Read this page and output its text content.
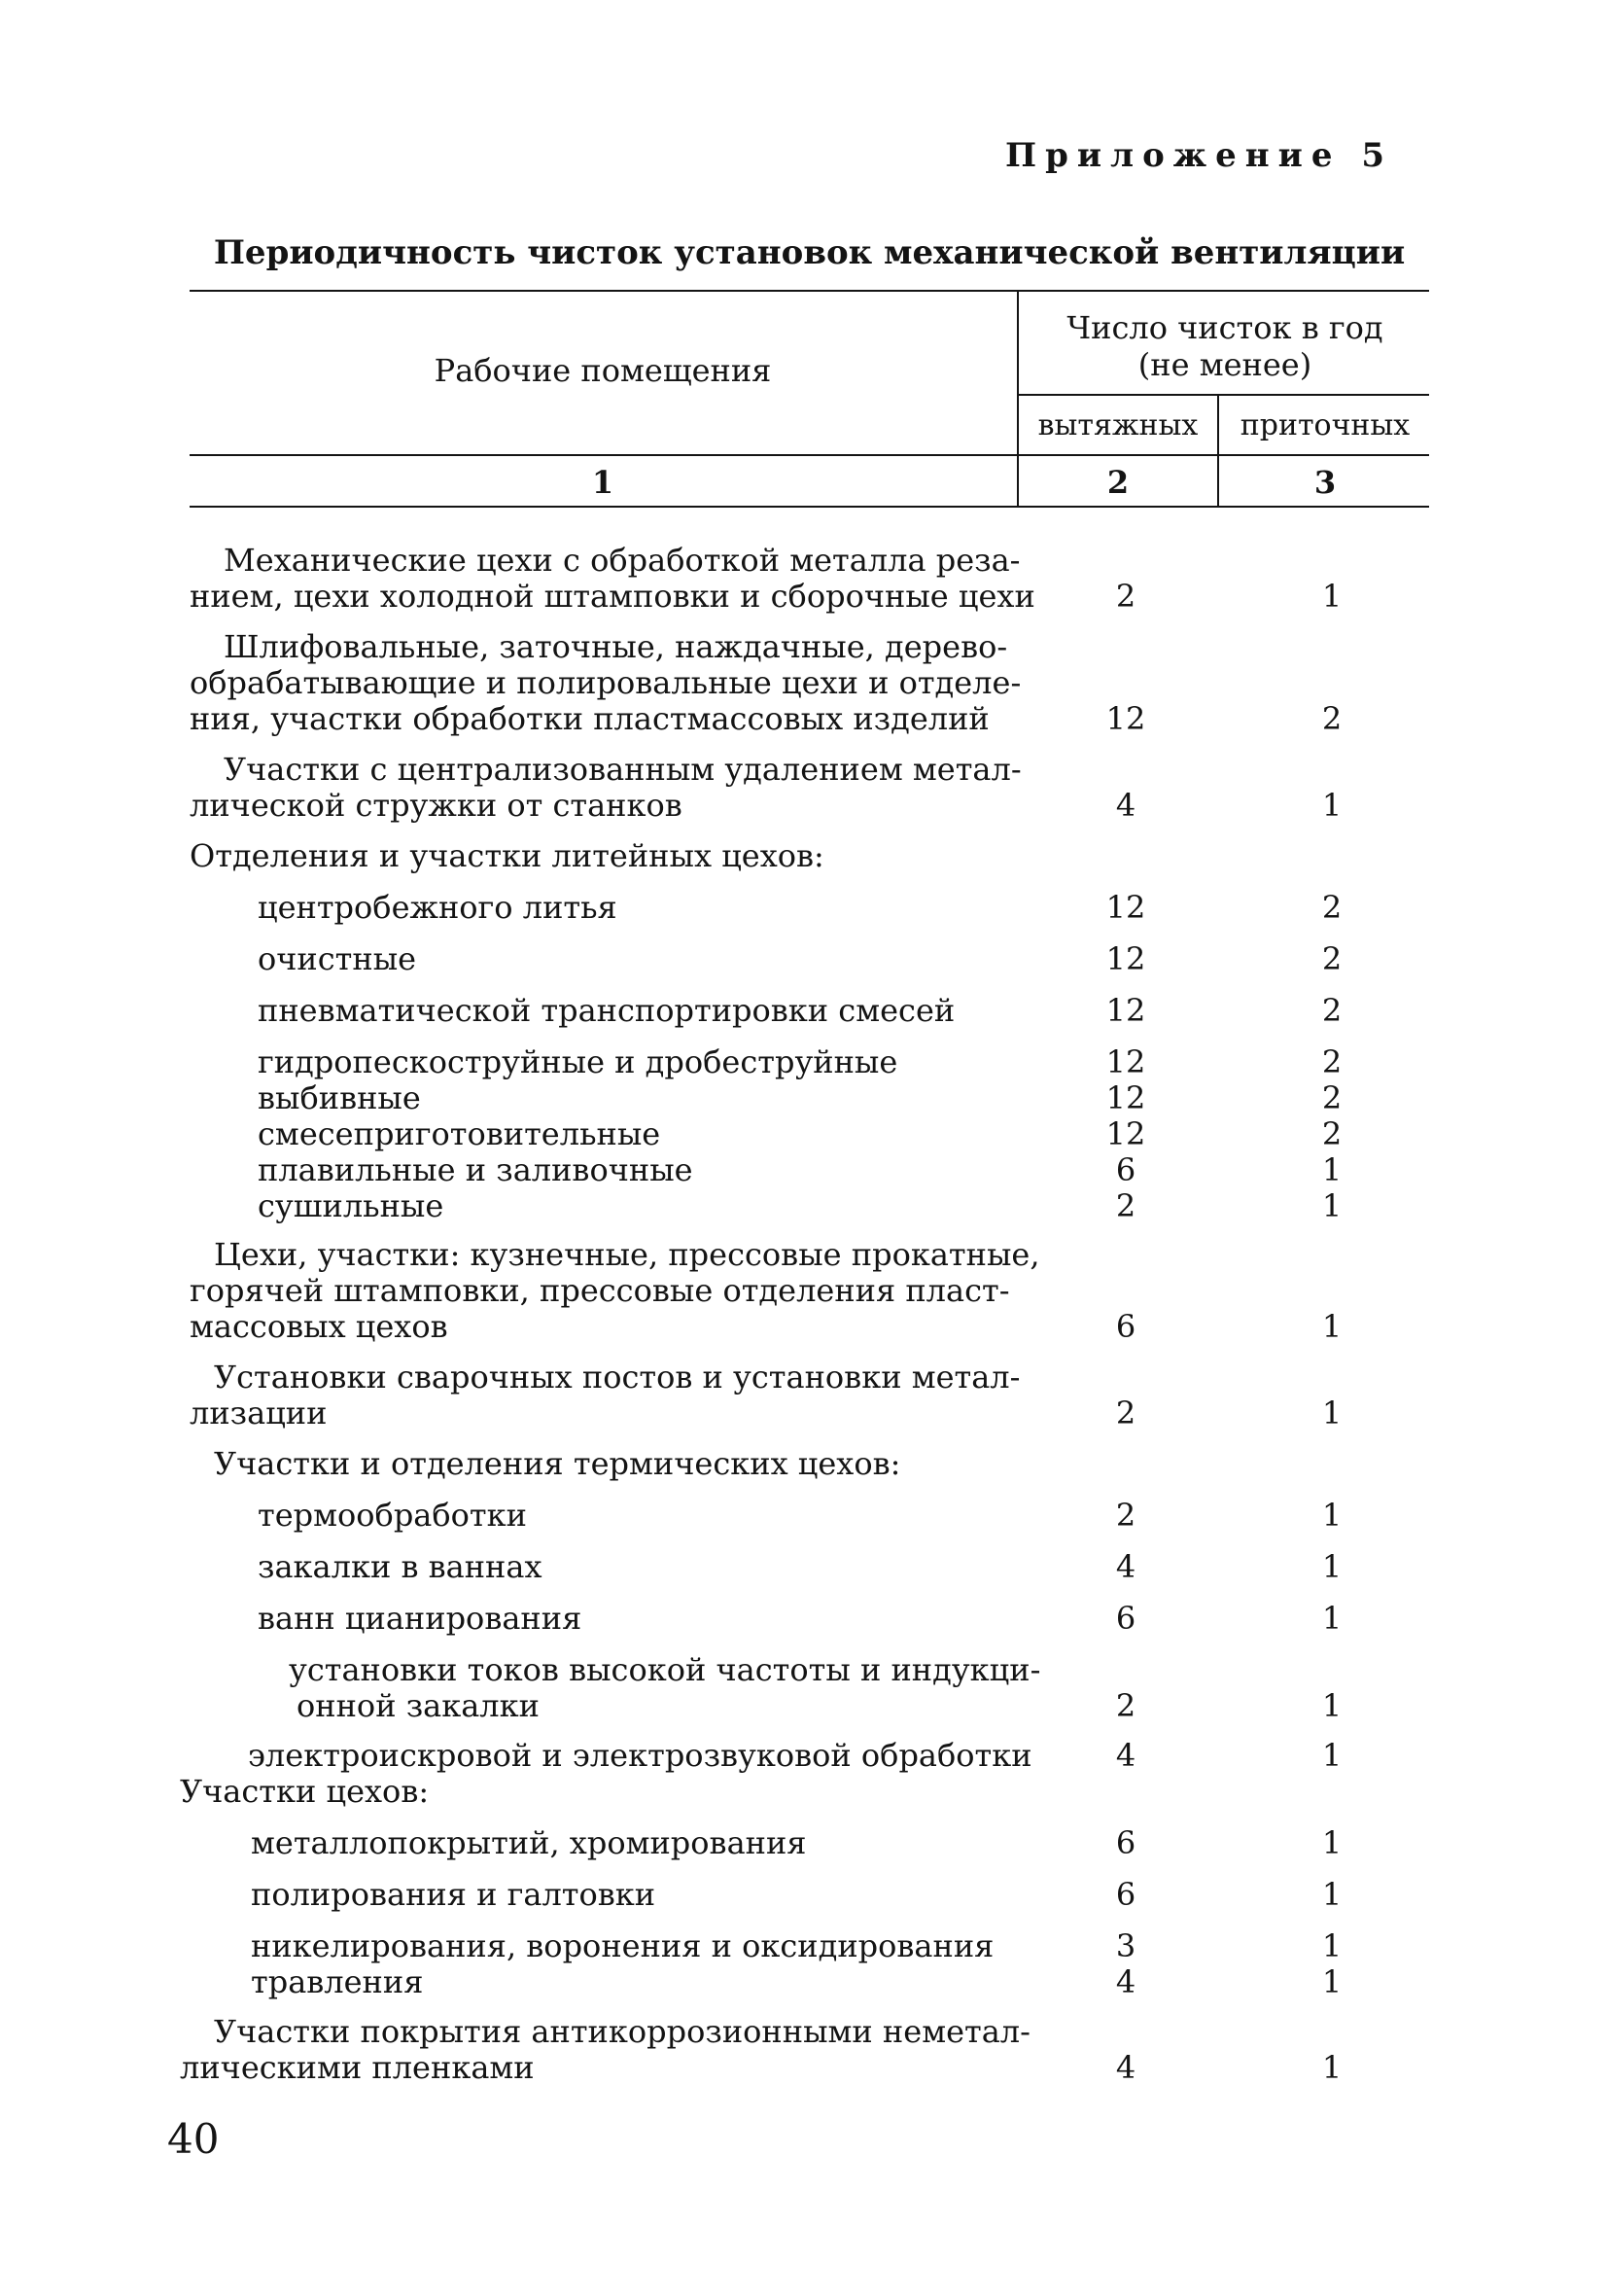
Приложение 5
Периодичность чисток установок механической вентиляции
Рабочие помещения
Число чисток в год
(не менее)
вытяжных	приточных
1	2	3
Механические цехи с обработкой металла реза-
нием, цехи холодной штамповки и сборочные цехи	2	1
Шлифовальные, заточные, наждачные, дерево-
обрабатывающие и полировальные цехи и отделе-
ния, участки обработки пластмассовых изделий	12	2
Участки с централизованным удалением метал-
лической стружки от станков	4	1
Отделения и участки литейных цехов:
центробежного литья	12	2
очистные	12	2
пневматической транспортировки смесей	12	2
гидропескоструйные и дробеструйные	12	2
выбивные	12	2
смесеприготовительные	12	2
плавильные и заливочные	6	1
сушильные	2	1
Цехи, участки: кузнечные, прессовые прокатные,
горячей штамповки, прессовые отделения пласт-
массовых цехов	6	1
Установки сварочных постов и установки метал-
лизации	2	1
Участки и отделения термических цехов:
термообработки	2	1
закалки в ваннах	4	1
ванн цианирования	6	1
установки токов высокой частоты и индукци-
онной закалки	2	1
электроискровой и электрозвуковой обработки	4	1
Участки цехов:
металлопокрытий, хромирования	6	1
полирования и галтовки	6	1
никелирования, воронения и оксидирования	3	1
травления	4	1
Участки покрытия антикоррозионными неметал-
лическими пленками	4	1
40
